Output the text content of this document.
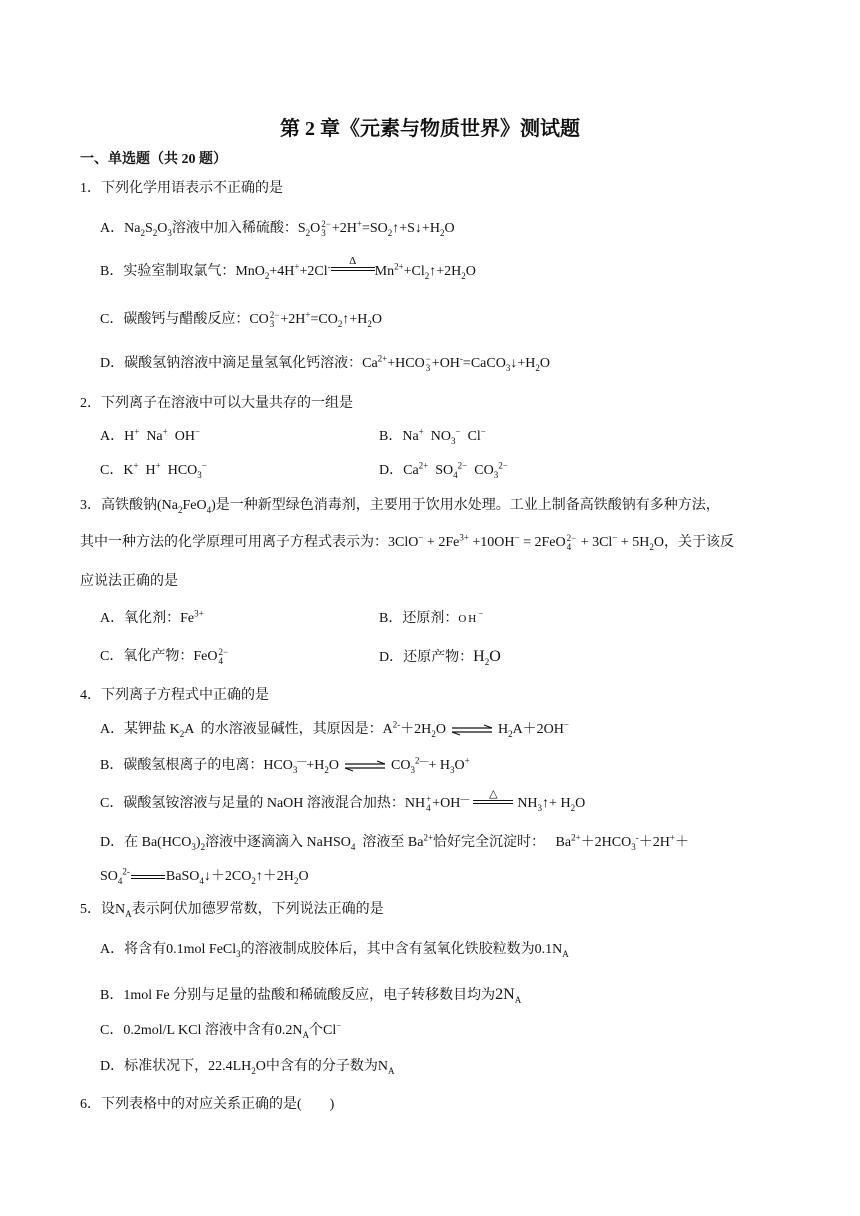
第 2 章《元素与物质世界》测试题
一、单选题（共 20 题）
1．下列化学用语表示不正确的是
A．$Na_2S_2O_3$溶液中加入稀硫酸：$S_2O$ 2−
$3 +2H^+=SO_2↑+S↓+H_2O$
B．实验室制取氯气：MnO$_2$+4H++2Cl-	Δ
$Mn^{2+}+Cl_2↑+2H_2O$
C．碳酸钙与醋酸反应：CO 2−
$3 +2H^+=CO_2↑+H_2O$
D．碳酸氢钠溶液中滴足量氢氧化钙溶液：$Ca^{2+}+HCO$ −
$3 +OH^-=CaCO_3↓+H_2O$
2．下列离子在溶液中可以大量共存的一组是
A．H+  Na+  OH−	B．Na+  $NO_3^-$  Cl−
C．K+  H+  $HCO_3^-$	D．$Ca^{2+}$  $SO_4^{2-}$  $CO_3^{2-}$
3．高铁酸钠$(Na_2FeO_4)$是一种新型绿色消毒剂，主要用于饮用水处理。工业上制备高铁酸钠有多种方法，
其中一种方法的化学原理可用离子方程式表示为：$3ClO^- + 2Fe^{3+} +10OH^- = 2FeO$ 2−
$4 + 3Cl^- + 5H_2O$，关于该反
应说法正确的是
A．氧化剂：$Fe^{3+}$	B．还原剂：OH−
C．氧化产物：FeO 2−
4	D．还原产物：$H_2O$
4．下列离子方程式中正确的是
A．某钾盐 $K_2A$  的水溶液显碱性，其原因是：$A^{2-}+2H_2O$ ⇌ $H_2A+2OH^-$
B．碳酸氢根离子的电离：$HCO_3^—+H_2O$ ⇌ $CO_3^{2—}+ H_3O^+$
C．碳酸氢铵溶液与足量的 NaOH 溶液混合加热：NH +
4 +OH—	△
$NH_3↑+ H_2O$
D．在 $Ba(HCO_3)_2$溶液中逐滴滴入 NaHSO$_4$  溶液至 $Ba^{2+}$恰好完全沉淀时：   $Ba^{2+}+2HCO_3^-+2H^++$
$SO_4^{2-}$	$BaSO_4↓+2CO_2↑+2H_2O$
5．设$N_A$表示阿伏加德罗常数，下列说法正确的是
A．将含有0.1mol FeCl$_3$的溶液制成胶体后，其中含有氢氧化铁胶粒数为$0.1N_A$
B．1mol Fe 分别与足量的盐酸和稀硫酸反应，电子转移数目均为$2N_A$
C．0.2mol/L KCl 溶液中含有$0.2N_A$个Cl−
D．标准状况下，$22.4LH_2O$中含有的分子数为$N_A$
6．下列表格中的对应关系正确的是(        )
